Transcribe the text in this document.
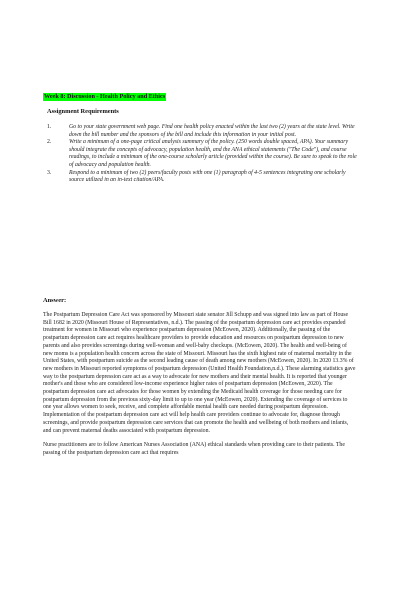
Week 8: Discussion - Health Policy and Ethics
Assignment Requirements
1.	Go to your state government web page. Find one health policy enacted within the last two (2) years at the state level. Write down the bill number and the sponsors of the bill and include this information in your initial post.
2.	Write a minimum of a one-page critical analysis summary of the policy. (250 words double spaced, APA). Your summary should integrate the concepts of advocacy, population health, and the ANA ethical statements ("The Code"), and course readings, to include a minimum of the one-course scholarly article (provided within the course). Be sure to speak to the role of advocacy and population health.
3.	Respond to a minimum of two (2) peers/faculty posts with one (1) paragraph of 4-5 sentences integrating one scholarly source utilized in an in-text citation/APA.
Answer:

The Postpartum Depression Care Act was sponsored by Missouri state senator Jill Schupp and was signed into law as part of House Bill 1682 in 2020 (Missouri House of Representatives, n.d.). The passing of the postpartum depression care act provides expanded treatment for women in Missouri who experience postpartum depression (McEowen, 2020). Additionally, the passing of the postpartum depression care act requires healthcare providers to provide education and resources on postpartum depression to new parents and also provides screenings during well-woman and well-baby checkups. (McEowen, 2020). The health and well-being of new moms is a population health concern across the state of Missouri. Missouri has the sixth highest rate of maternal mortality in the United States, with postpartum suicide as the second leading cause of death among new mothers (McEowen, 2020). In 2020 13.3% of new mothers in Missouri reported symptoms of postpartum depression (United Health Foundation,n.d.). These alarming statistics gave way to the postpartum depression care act as a way to advocate for new mothers and their mental health. It is reported that younger mother's and those who are considered low-income experience higher rates of postpartum depression (McEowen, 2020). The postpartum depression care act advocates for those women by extending the Medicaid health coverage for those needing care for postpartum depression from the previous sixty-day limit to up to one year (McEowen, 2020). Extending the coverage of services to one year allows women to seek, receive, and complete affordable mental health care needed during postpartum depression. Implementation of the postpartum depression care act will help health care providers continue to advocate for, diagnose through screenings, and provide postpartum depression care services that can promote the health and wellbeing of both mothers and infants, and can prevent maternal deaths associated with postpartum depression.

Nurse practitioners are to follow American Nurses Association (ANA) ethical standards when providing care to their patients. The passing of the postpartum depression care act that requires
